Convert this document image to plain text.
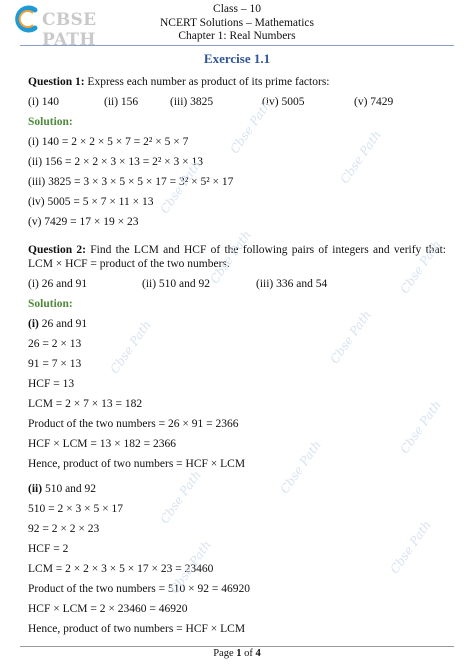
CBSE PATH
Class – 10
NCERT Solutions – Mathematics
Chapter 1: Real Numbers
Exercise 1.1
Question 1: Express each number as product of its prime factors:
(i) 140	(ii) 156	(iii) 3825	(iv) 5005	(v) 7429
Solution:
(i) 140 = 2 × 2 × 5 × 7 = 2² × 5 × 7
(ii) 156 = 2 × 2 × 3 × 13 = 2² × 3 × 13
(iii) 3825 = 3 × 3 × 5 × 5 × 17 = 3² × 5² × 17
(iv) 5005 = 5 × 7 × 11 × 13
(v) 7429 = 17 × 19 × 23
Question 2: Find the LCM and HCF of the following pairs of integers and verify that: LCM × HCF = product of the two numbers.
(i) 26 and 91	(ii) 510 and 92	(iii) 336 and 54
Solution:
(i) 26 and 91
26 = 2 × 13
91 = 7 × 13
HCF = 13
LCM = 2 × 7 × 13 = 182
Product of the two numbers = 26 × 91 = 2366
HCF × LCM = 13 × 182 = 2366
Hence, product of two numbers = HCF × LCM
(ii) 510 and 92
510 = 2 × 3 × 5 × 17
92 = 2 × 2 × 23
HCF = 2
LCM = 2 × 2 × 3 × 5 × 17 × 23 = 23460
Product of the two numbers = 510 × 92 = 46920
HCF × LCM = 2 × 23460 = 46920
Hence, product of two numbers = HCF × LCM
Cbse Path
Cbse Path
Cbse Path
Cbse Path
Cbse Path
Cbse Path	Cbse Path
Cbse Path
Cbse Path
Cbse Path
Cbse Path
Cbse Path
Page 1 of 4
